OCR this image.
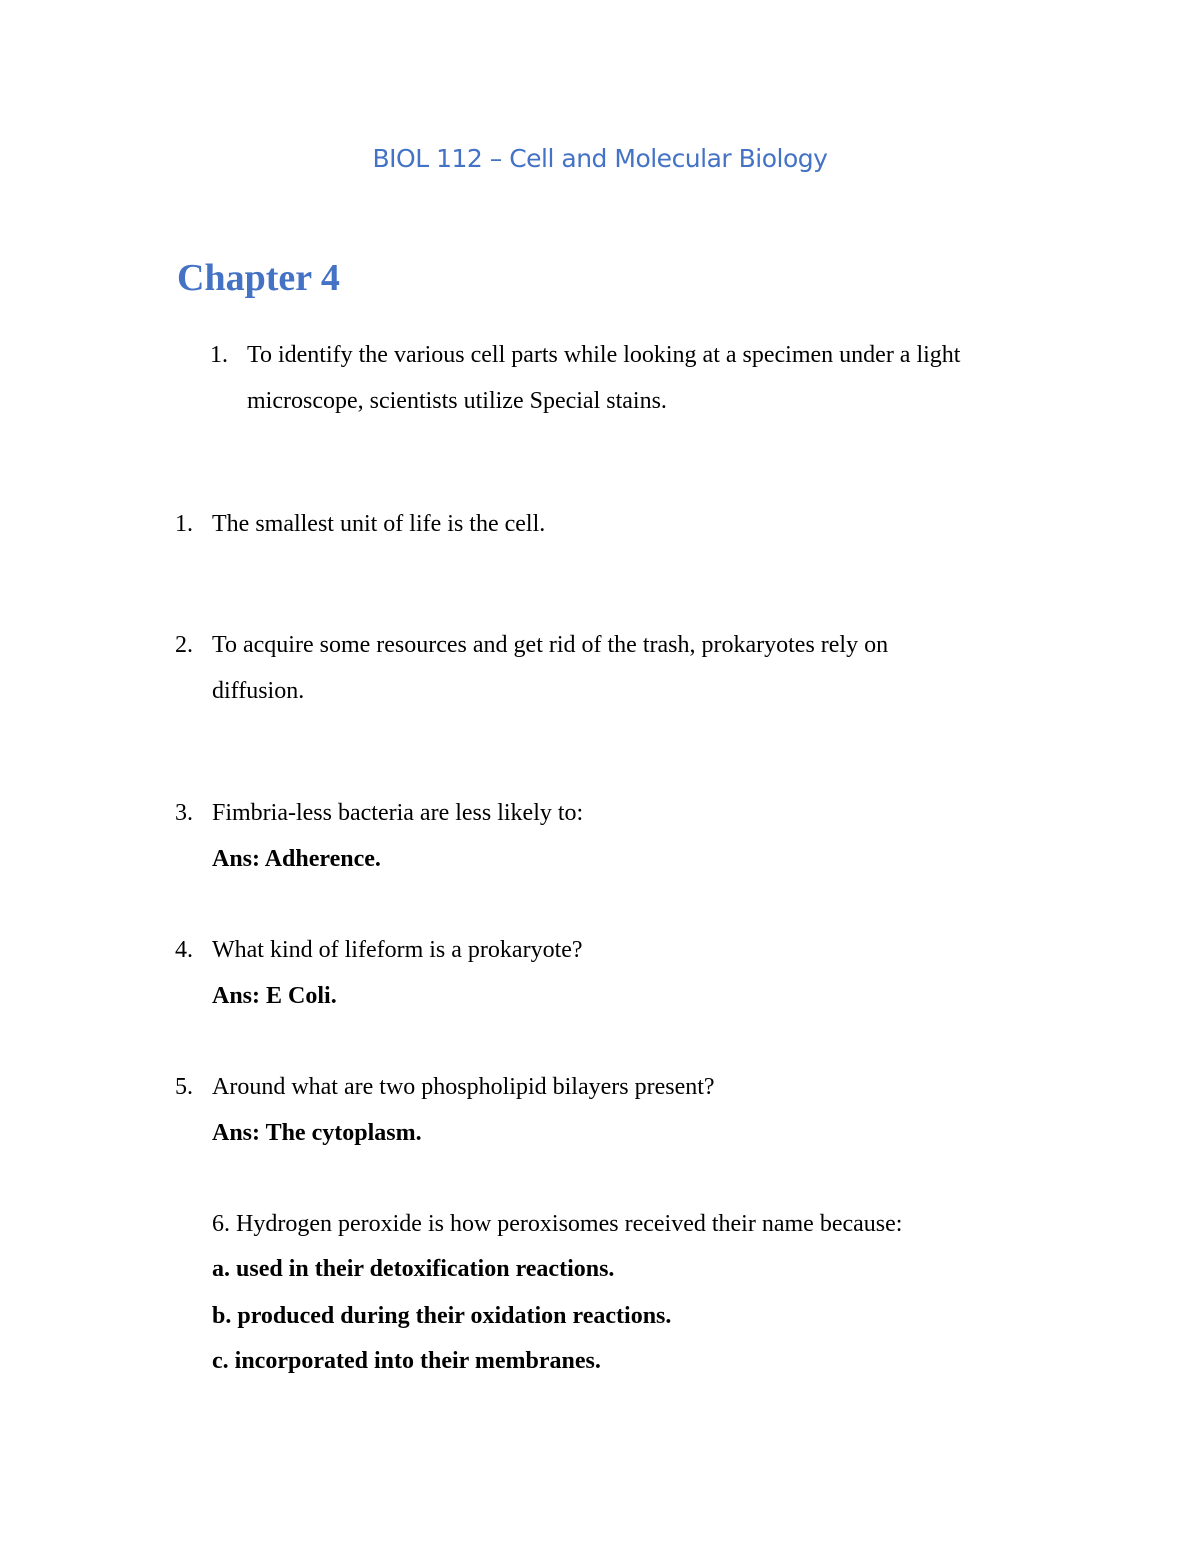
BIOL 112 – Cell and Molecular Biology
Chapter 4
1. To identify the various cell parts while looking at a specimen under a light
microscope, scientists utilize Special stains.
1. The smallest unit of life is the cell.
2. To acquire some resources and get rid of the trash, prokaryotes rely on
diffusion.
3. Fimbria-less bacteria are less likely to:
Ans: Adherence.
4. What kind of lifeform is a prokaryote?
Ans: E Coli.
5. Around what are two phospholipid bilayers present?
Ans: The cytoplasm.
6. Hydrogen peroxide is how peroxisomes received their name because:
a. used in their detoxification reactions.
b. produced during their oxidation reactions.
c. incorporated into their membranes.
